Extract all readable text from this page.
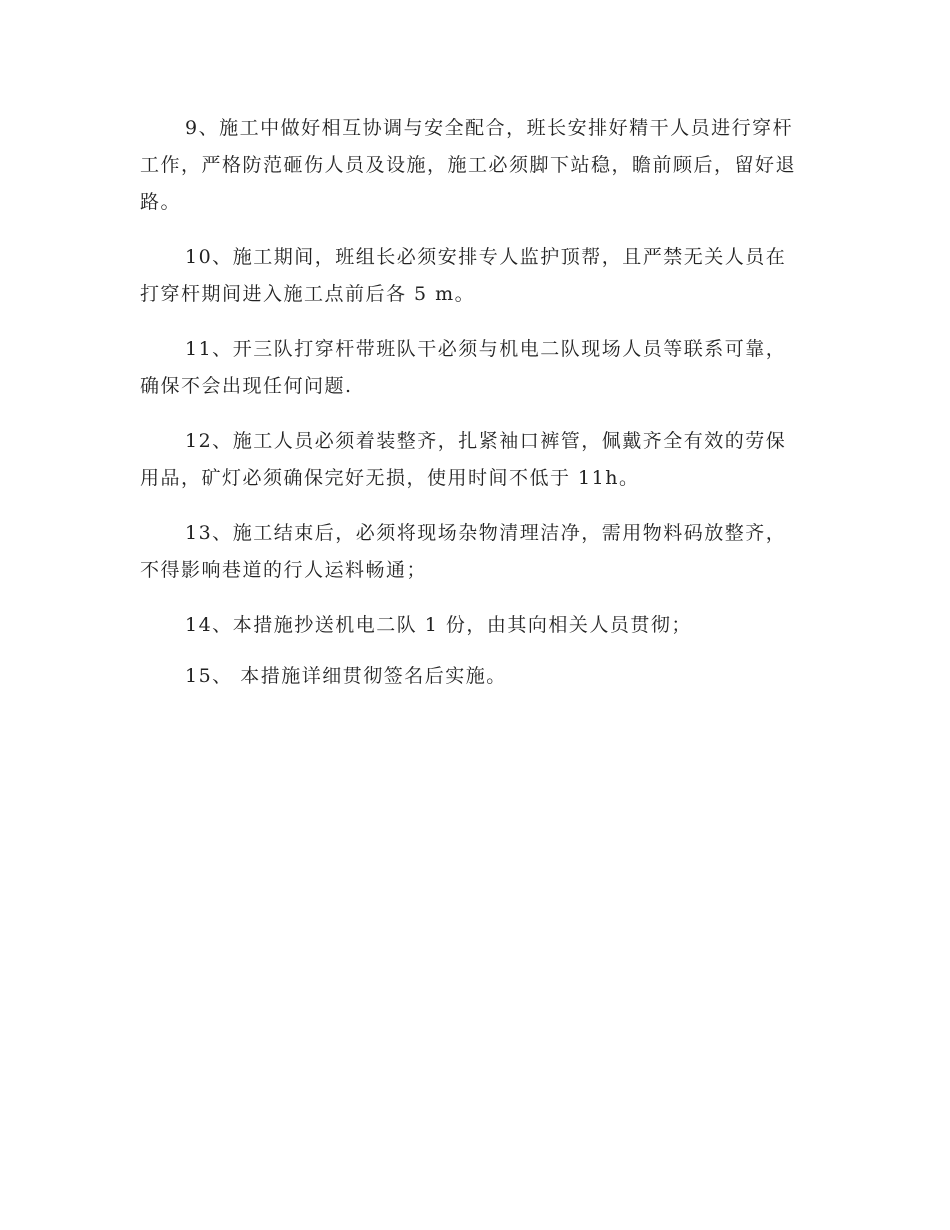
9、施工中做好相互协调与安全配合，班长安排好精干人员进行穿杆工作，严格防范砸伤人员及设施，施工必须脚下站稳，瞻前顾后，留好退路。

10、施工期间，班组长必须安排专人监护顶帮，且严禁无关人员在打穿杆期间进入施工点前后各 5 m。

11、开三队打穿杆带班队干必须与机电二队现场人员等联系可靠，确保不会出现任何问题.

12、施工人员必须着装整齐，扎紧袖口裤管，佩戴齐全有效的劳保用品，矿灯必须确保完好无损，使用时间不低于 11h。

13、施工结束后，必须将现场杂物清理洁净，需用物料码放整齐，不得影响巷道的行人运料畅通；

14、本措施抄送机电二队 1 份，由其向相关人员贯彻；

15、 本措施详细贯彻签名后实施。
